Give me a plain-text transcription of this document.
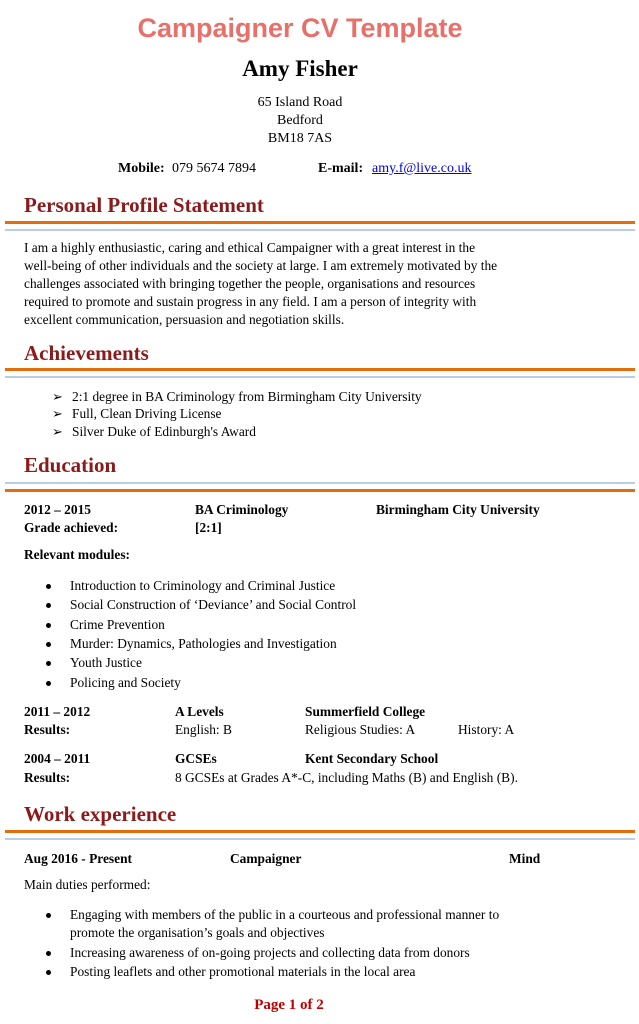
Campaigner CV Template
Amy Fisher
65 Island Road
Bedford
BM18 7AS
Mobile: 079 5674 7894	E-mail: amy.f@live.co.uk
Personal Profile Statement
I am a highly enthusiastic, caring and ethical Campaigner with a great interest in the
well-being of other individuals and the society at large. I am extremely motivated by the
challenges associated with bringing together the people, organisations and resources
required to promote and sustain progress in any field. I am a person of integrity with
excellent communication, persuasion and negotiation skills.
Achievements
➢ 2:1 degree in BA Criminology from Birmingham City University
➢ Full, Clean Driving License
➢ Silver Duke of Edinburgh's Award
Education
2012 – 2015	BA Criminology	Birmingham City University
Grade achieved:	[2:1]
Relevant modules:
Introduction to Criminology and Criminal Justice
Social Construction of ‘Deviance’ and Social Control
Crime Prevention
Murder: Dynamics, Pathologies and Investigation
Youth Justice
Policing and Society
2011 – 2012	A Levels	Summerfield College
Results:	English: B	Religious Studies: A	History: A
2004 – 2011	GCSEs	Kent Secondary School
Results:	8 GCSEs at Grades A*-C, including Maths (B) and English (B).
Work experience
Aug 2016 - Present	Campaigner	Mind
Main duties performed:
Engaging with members of the public in a courteous and professional manner to
promote the organisation’s goals and objectives
Increasing awareness of on-going projects and collecting data from donors
Posting leaflets and other promotional materials in the local area
Page 1 of 2
